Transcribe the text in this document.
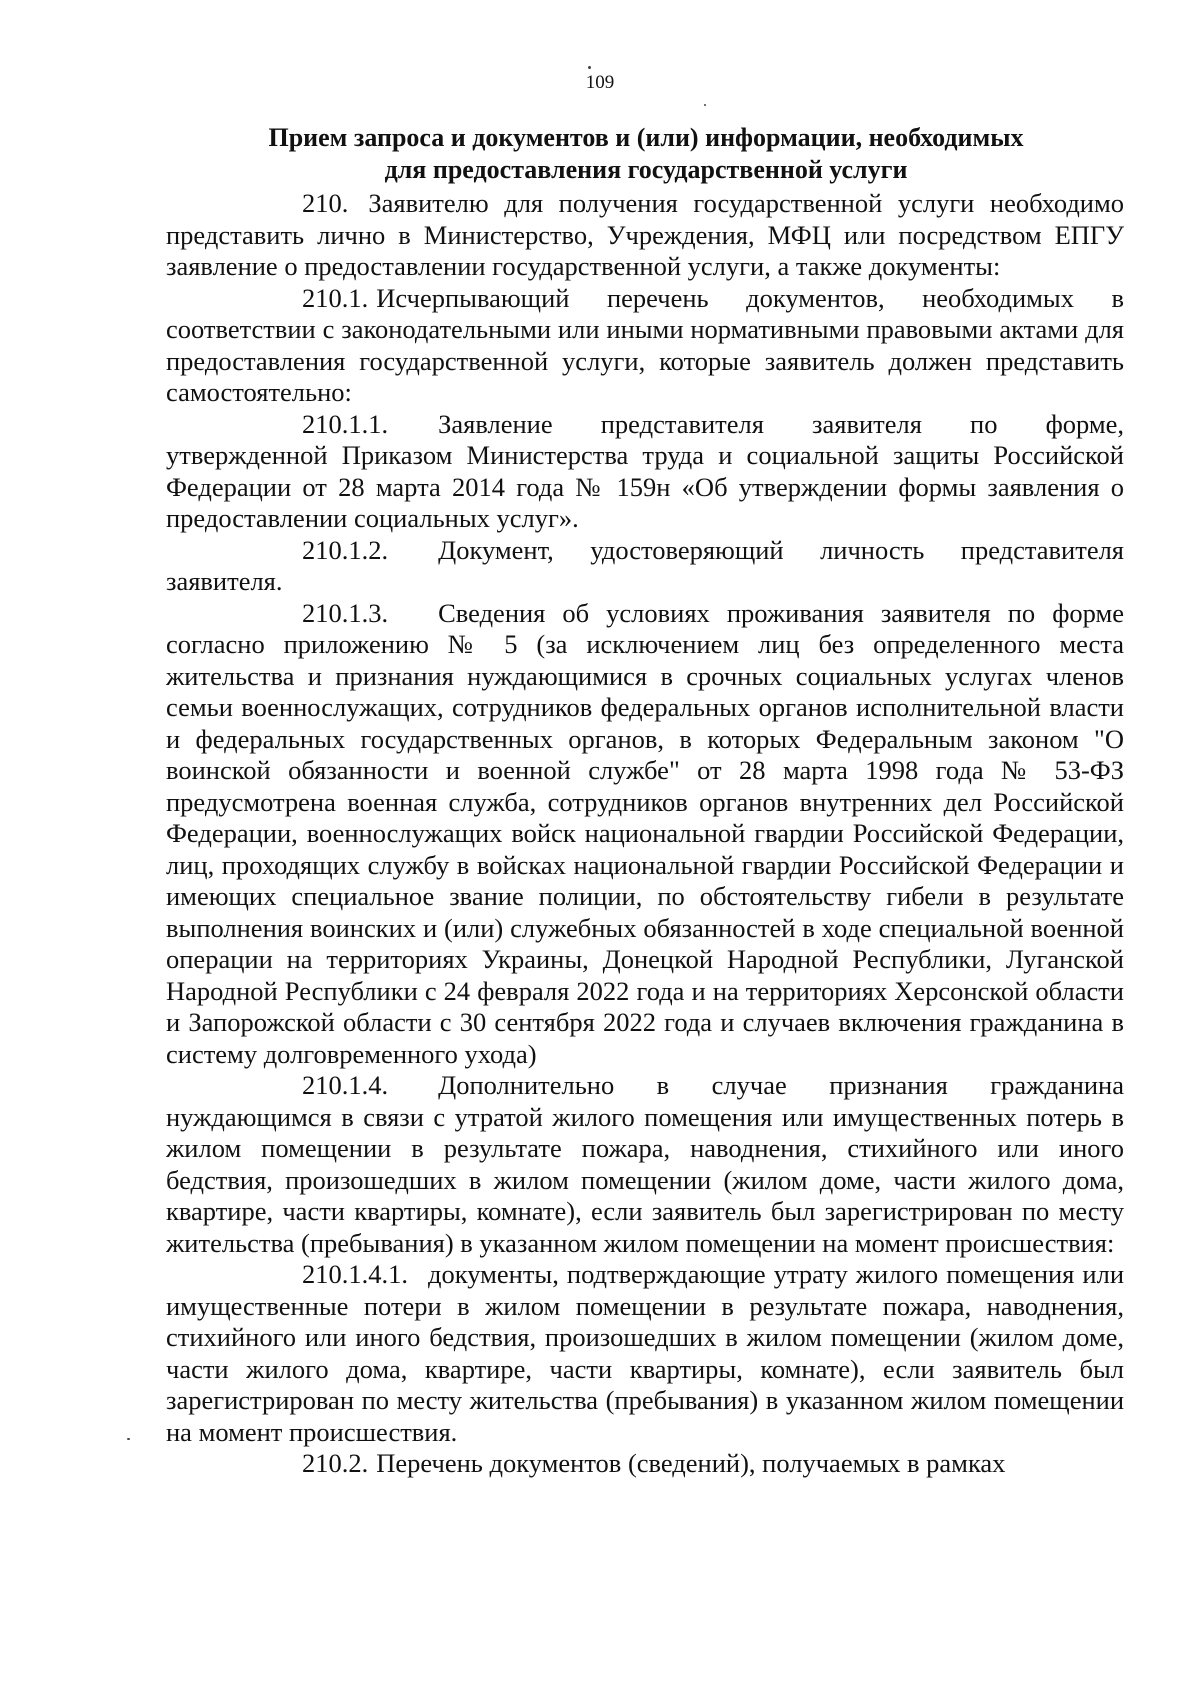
109
Прием запроса и документов и (или) информации, необходимых
для предоставления государственной услуги

210. Заявителю для получения государственной услуги необходимо представить лично в Министерство, Учреждения, МФЦ или посредством ЕПГУ заявление о предоставлении государственной услуги, а также документы:

210.1. Исчерпывающий перечень документов, необходимых в соответствии с законодательными или иными нормативными правовыми актами для предоставления государственной услуги, которые заявитель должен представить самостоятельно:

210.1.1. Заявление представителя заявителя по форме, утвержденной Приказом Министерства труда и социальной защиты Российской Федерации от 28 марта 2014 года № 159н «Об утверждении формы заявления о предоставлении социальных услуг».

210.1.2. Документ, удостоверяющий личность представителя заявителя.

210.1.3. Сведения об условиях проживания заявителя по форме согласно приложению № 5 (за исключением лиц без определенного места жительства и признания нуждающимися в срочных социальных услугах членов семьи военнослужащих, сотрудников федеральных органов исполнительной власти и федеральных государственных органов, в которых Федеральным законом "О воинской обязанности и военной службе" от 28 марта 1998 года № 53-ФЗ предусмотрена военная служба, сотрудников органов внутренних дел Российской Федерации, военнослужащих войск национальной гвардии Российской Федерации, лиц, проходящих службу в войсках национальной гвардии Российской Федерации и имеющих специальное звание полиции, по обстоятельству гибели в результате выполнения воинских и (или) служебных обязанностей в ходе специальной военной операции на территориях Украины, Донецкой Народной Республики, Луганской Народной Республики с 24 февраля 2022 года и на территориях Херсонской области и Запорожской области с 30 сентября 2022 года и случаев включения гражданина в систему долговременного ухода)

210.1.4. Дополнительно в случае признания гражданина нуждающимся в связи с утратой жилого помещения или имущественных потерь в жилом помещении в результате пожара, наводнения, стихийного или иного бедствия, произошедших в жилом помещении (жилом доме, части жилого дома, квартире, части квартиры, комнате), если заявитель был зарегистрирован по месту жительства (пребывания) в указанном жилом помещении на момент происшествия:

210.1.4.1. документы, подтверждающие утрату жилого помещения или имущественные потери в жилом помещении в результате пожара, наводнения, стихийного или иного бедствия, произошедших в жилом помещении (жилом доме, части жилого дома, квартире, части квартиры, комнате), если заявитель был зарегистрирован по месту жительства (пребывания) в указанном жилом помещении на момент происшествия.

210.2. Перечень документов (сведений), получаемых в рамках
